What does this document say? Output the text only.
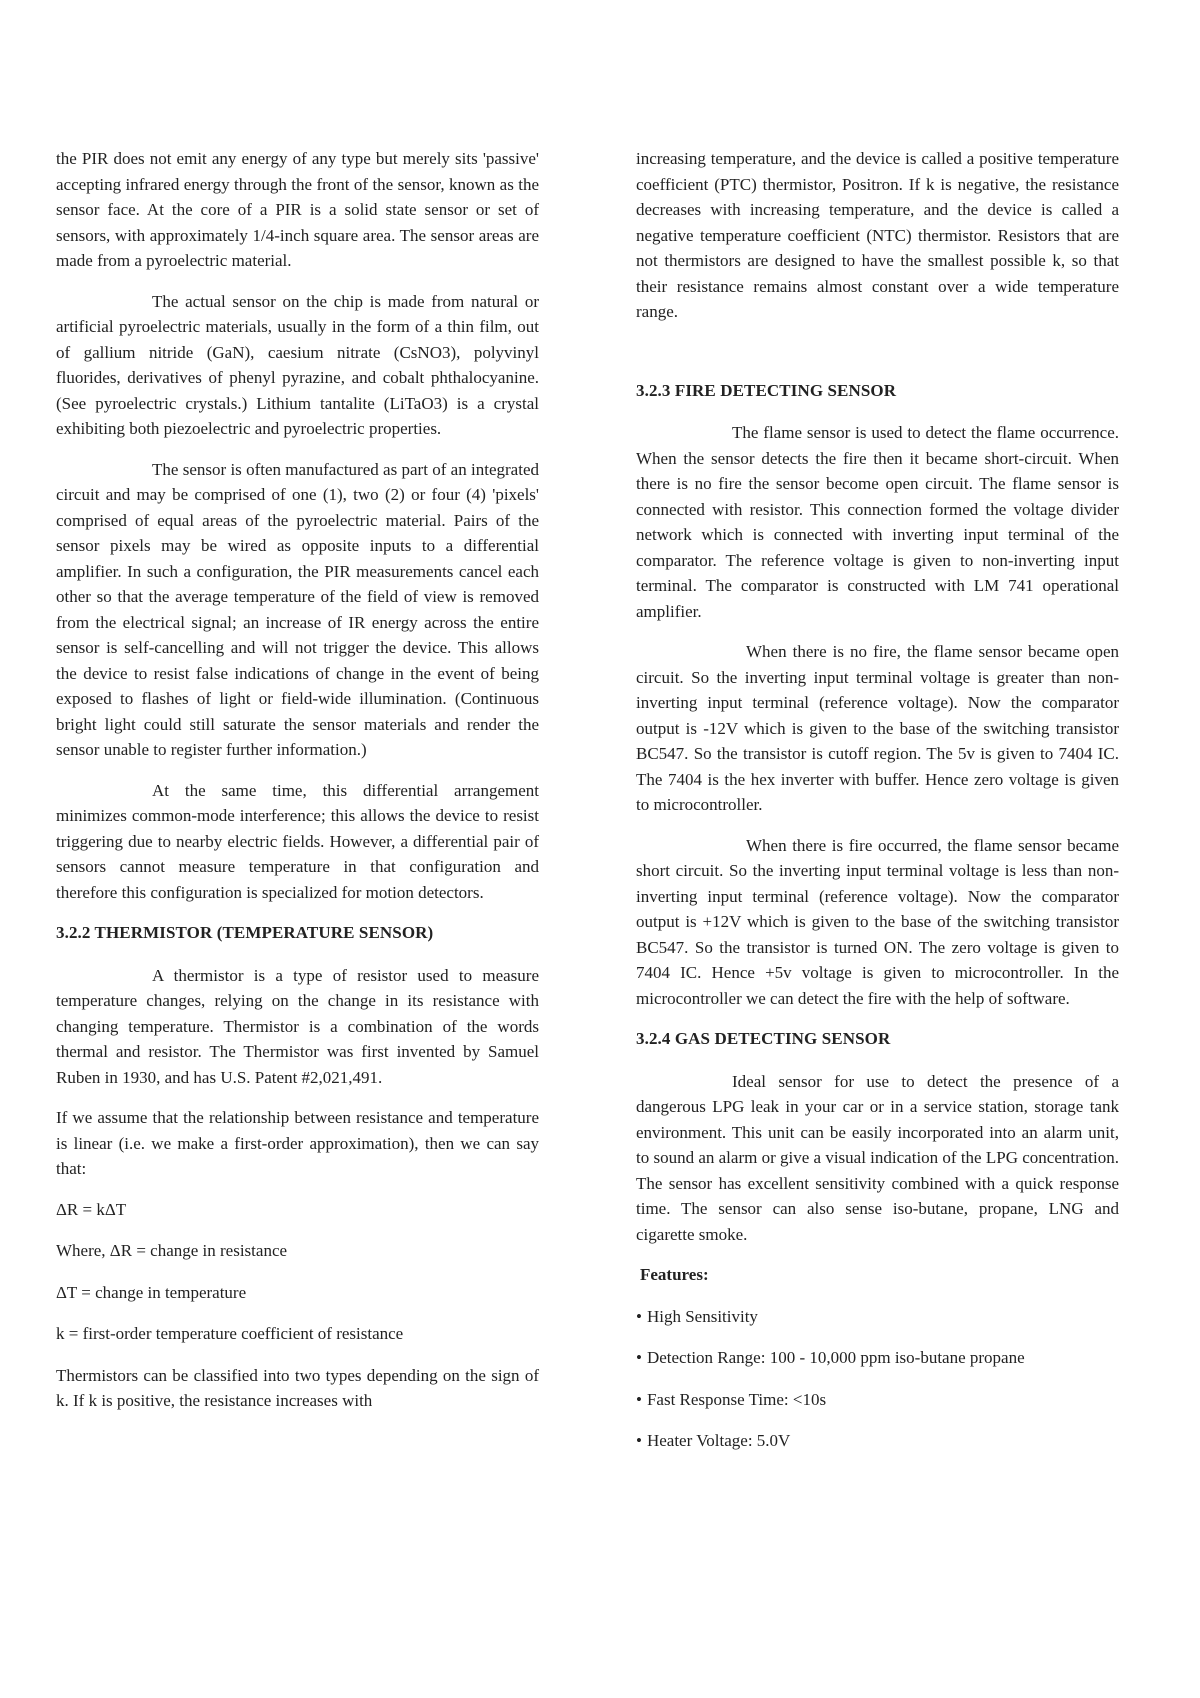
the PIR does not emit any energy of any type but merely sits 'passive' accepting infrared energy through the front of the sensor, known as the sensor face. At the core of a PIR is a solid state sensor or set of sensors, with approximately 1/4-inch square area. The sensor areas are made from a pyroelectric material.

The actual sensor on the chip is made from natural or artificial pyroelectric materials, usually in the form of a thin film, out of gallium nitride (GaN), caesium nitrate (CsNO3), polyvinyl fluorides, derivatives of phenyl pyrazine, and cobalt phthalocyanine. (See pyroelectric crystals.) Lithium tantalite (LiTaO3) is a crystal exhibiting both piezoelectric and pyroelectric properties.

The sensor is often manufactured as part of an integrated circuit and may be comprised of one (1), two (2) or four (4) 'pixels' comprised of equal areas of the pyroelectric material. Pairs of the sensor pixels may be wired as opposite inputs to a differential amplifier. In such a configuration, the PIR measurements cancel each other so that the average temperature of the field of view is removed from the electrical signal; an increase of IR energy across the entire sensor is self-cancelling and will not trigger the device. This allows the device to resist false indications of change in the event of being exposed to flashes of light or field-wide illumination. (Continuous bright light could still saturate the sensor materials and render the sensor unable to register further information.)

At the same time, this differential arrangement minimizes common-mode interference; this allows the device to resist triggering due to nearby electric fields. However, a differential pair of sensors cannot measure temperature in that configuration and therefore this configuration is specialized for motion detectors.

3.2.2 THERMISTOR (TEMPERATURE SENSOR)

A thermistor is a type of resistor used to measure temperature changes, relying on the change in its resistance with changing temperature. Thermistor is a combination of the words thermal and resistor. The Thermistor was first invented by Samuel Ruben in 1930, and has U.S. Patent #2,021,491.

If we assume that the relationship between resistance and temperature is linear (i.e. we make a first-order approximation), then we can say that:

ΔR = kΔT
Where, ΔR = change in resistance
ΔT = change in temperature
k = first-order temperature coefficient of resistance

Thermistors can be classified into two types depending on the sign of k. If k is positive, the resistance increases with

increasing temperature, and the device is called a positive temperature coefficient (PTC) thermistor, Positron. If k is negative, the resistance decreases with increasing temperature, and the device is called a negative temperature coefficient (NTC) thermistor. Resistors that are not thermistors are designed to have the smallest possible k, so that their resistance remains almost constant over a wide temperature range.

3.2.3 FIRE DETECTING SENSOR

The flame sensor is used to detect the flame occurrence. When the sensor detects the fire then it became short-circuit. When there is no fire the sensor become open circuit. The flame sensor is connected with resistor. This connection formed the voltage divider network which is connected with inverting input terminal of the comparator. The reference voltage is given to non-inverting input terminal. The comparator is constructed with LM 741 operational amplifier.

When there is no fire, the flame sensor became open circuit. So the inverting input terminal voltage is greater than non-inverting input terminal (reference voltage). Now the comparator output is -12V which is given to the base of the switching transistor BC547. So the transistor is cutoff region. The 5v is given to 7404 IC. The 7404 is the hex inverter with buffer. Hence zero voltage is given to microcontroller.

When there is fire occurred, the flame sensor became short circuit. So the inverting input terminal voltage is less than non-inverting input terminal (reference voltage). Now the comparator output is +12V which is given to the base of the switching transistor BC547. So the transistor is turned ON. The zero voltage is given to 7404 IC. Hence +5v voltage is given to microcontroller. In the microcontroller we can detect the fire with the help of software.

3.2.4 GAS DETECTING SENSOR

Ideal sensor for use to detect the presence of a dangerous LPG leak in your car or in a service station, storage tank environment. This unit can be easily incorporated into an alarm unit, to sound an alarm or give a visual indication of the LPG concentration. The sensor has excellent sensitivity combined with a quick response time. The sensor can also sense iso-butane, propane, LNG and cigarette smoke.

Features:
• High Sensitivity
• Detection Range: 100 - 10,000 ppm iso-butane propane
• Fast Response Time: <10s
• Heater Voltage: 5.0V
